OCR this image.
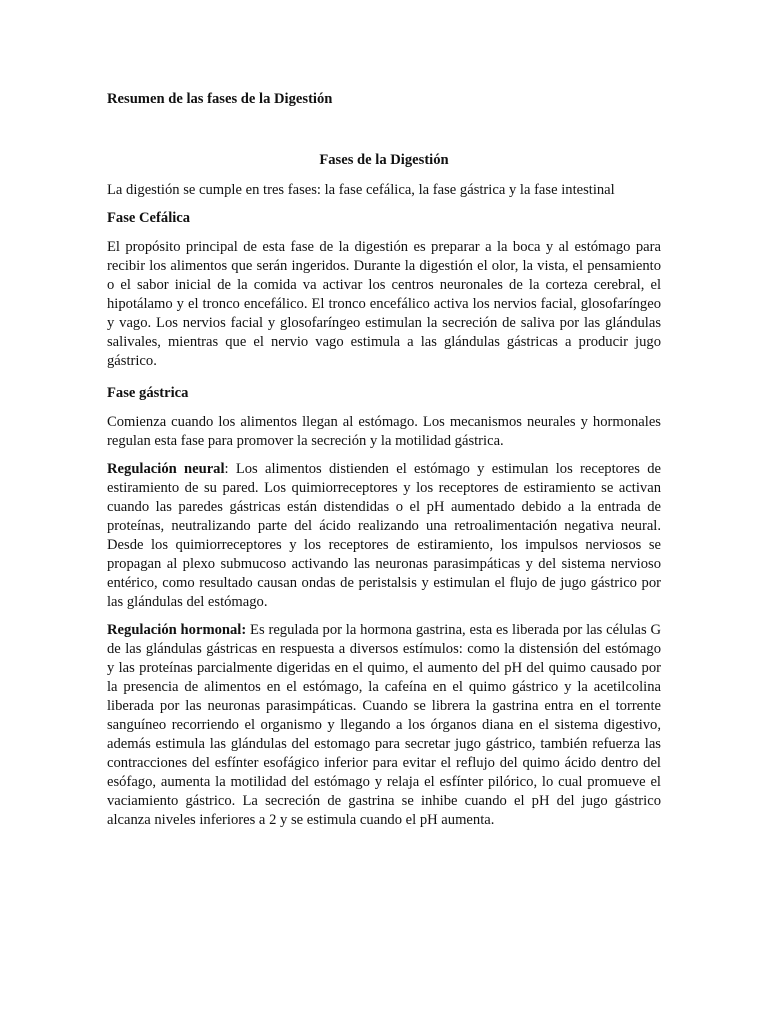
Resumen de las fases de la Digestión

Fases de la Digestión

La digestión se cumple en tres fases: la fase cefálica, la fase gástrica y la fase intestinal

Fase Cefálica

El propósito principal de esta fase de la digestión es preparar a la boca y al estómago para recibir los alimentos que serán ingeridos. Durante la digestión el olor, la vista, el pensamiento o el sabor inicial de la comida va activar los centros neuronales de la corteza cerebral, el hipotálamo y el tronco encefálico. El tronco encefálico activa los nervios facial, glosofaríngeo y vago. Los nervios facial y glosofaríngeo estimulan la secreción de saliva por las glándulas salivales, mientras que el nervio vago estimula a las glándulas gástricas a producir jugo gástrico.

Fase gástrica

Comienza cuando los alimentos llegan al estómago. Los mecanismos neurales y hormonales regulan esta fase para promover la secreción y la motilidad gástrica.

Regulación neural: Los alimentos distienden el estómago y estimulan los receptores de estiramiento de su pared. Los quimiorreceptores y los receptores de estiramiento se activan cuando las paredes gástricas están distendidas o el pH aumentado debido a la entrada de proteínas, neutralizando parte del ácido realizando una retroalimentación negativa neural. Desde los quimiorreceptores y los receptores de estiramiento, los impulsos nerviosos se propagan al plexo submucoso activando las neuronas parasimpáticas y del sistema nervioso entérico, como resultado causan ondas de peristalsis y estimulan el flujo de jugo gástrico por las glándulas del estómago.

Regulación hormonal: Es regulada por la hormona gastrina, esta es liberada por las células G de las glándulas gástricas en respuesta a diversos estímulos: como la distensión del estómago y las proteínas parcialmente digeridas en el quimo, el aumento del pH del quimo causado por la presencia de alimentos en el estómago, la cafeína en el quimo gástrico y la acetilcolina liberada por las neuronas parasimpáticas. Cuando se librera la gastrina entra en el torrente sanguíneo recorriendo el organismo y llegando a los órganos diana en el sistema digestivo, además estimula las glándulas del estomago para secretar jugo gástrico, también refuerza las contracciones del esfínter esofágico inferior para evitar el reflujo del quimo ácido dentro del esófago, aumenta la motilidad del estómago y relaja el esfínter pilórico, lo cual promueve el vaciamiento gástrico. La secreción de gastrina se inhibe cuando el pH del jugo gástrico alcanza niveles inferiores a 2 y se estimula cuando el pH aumenta.
